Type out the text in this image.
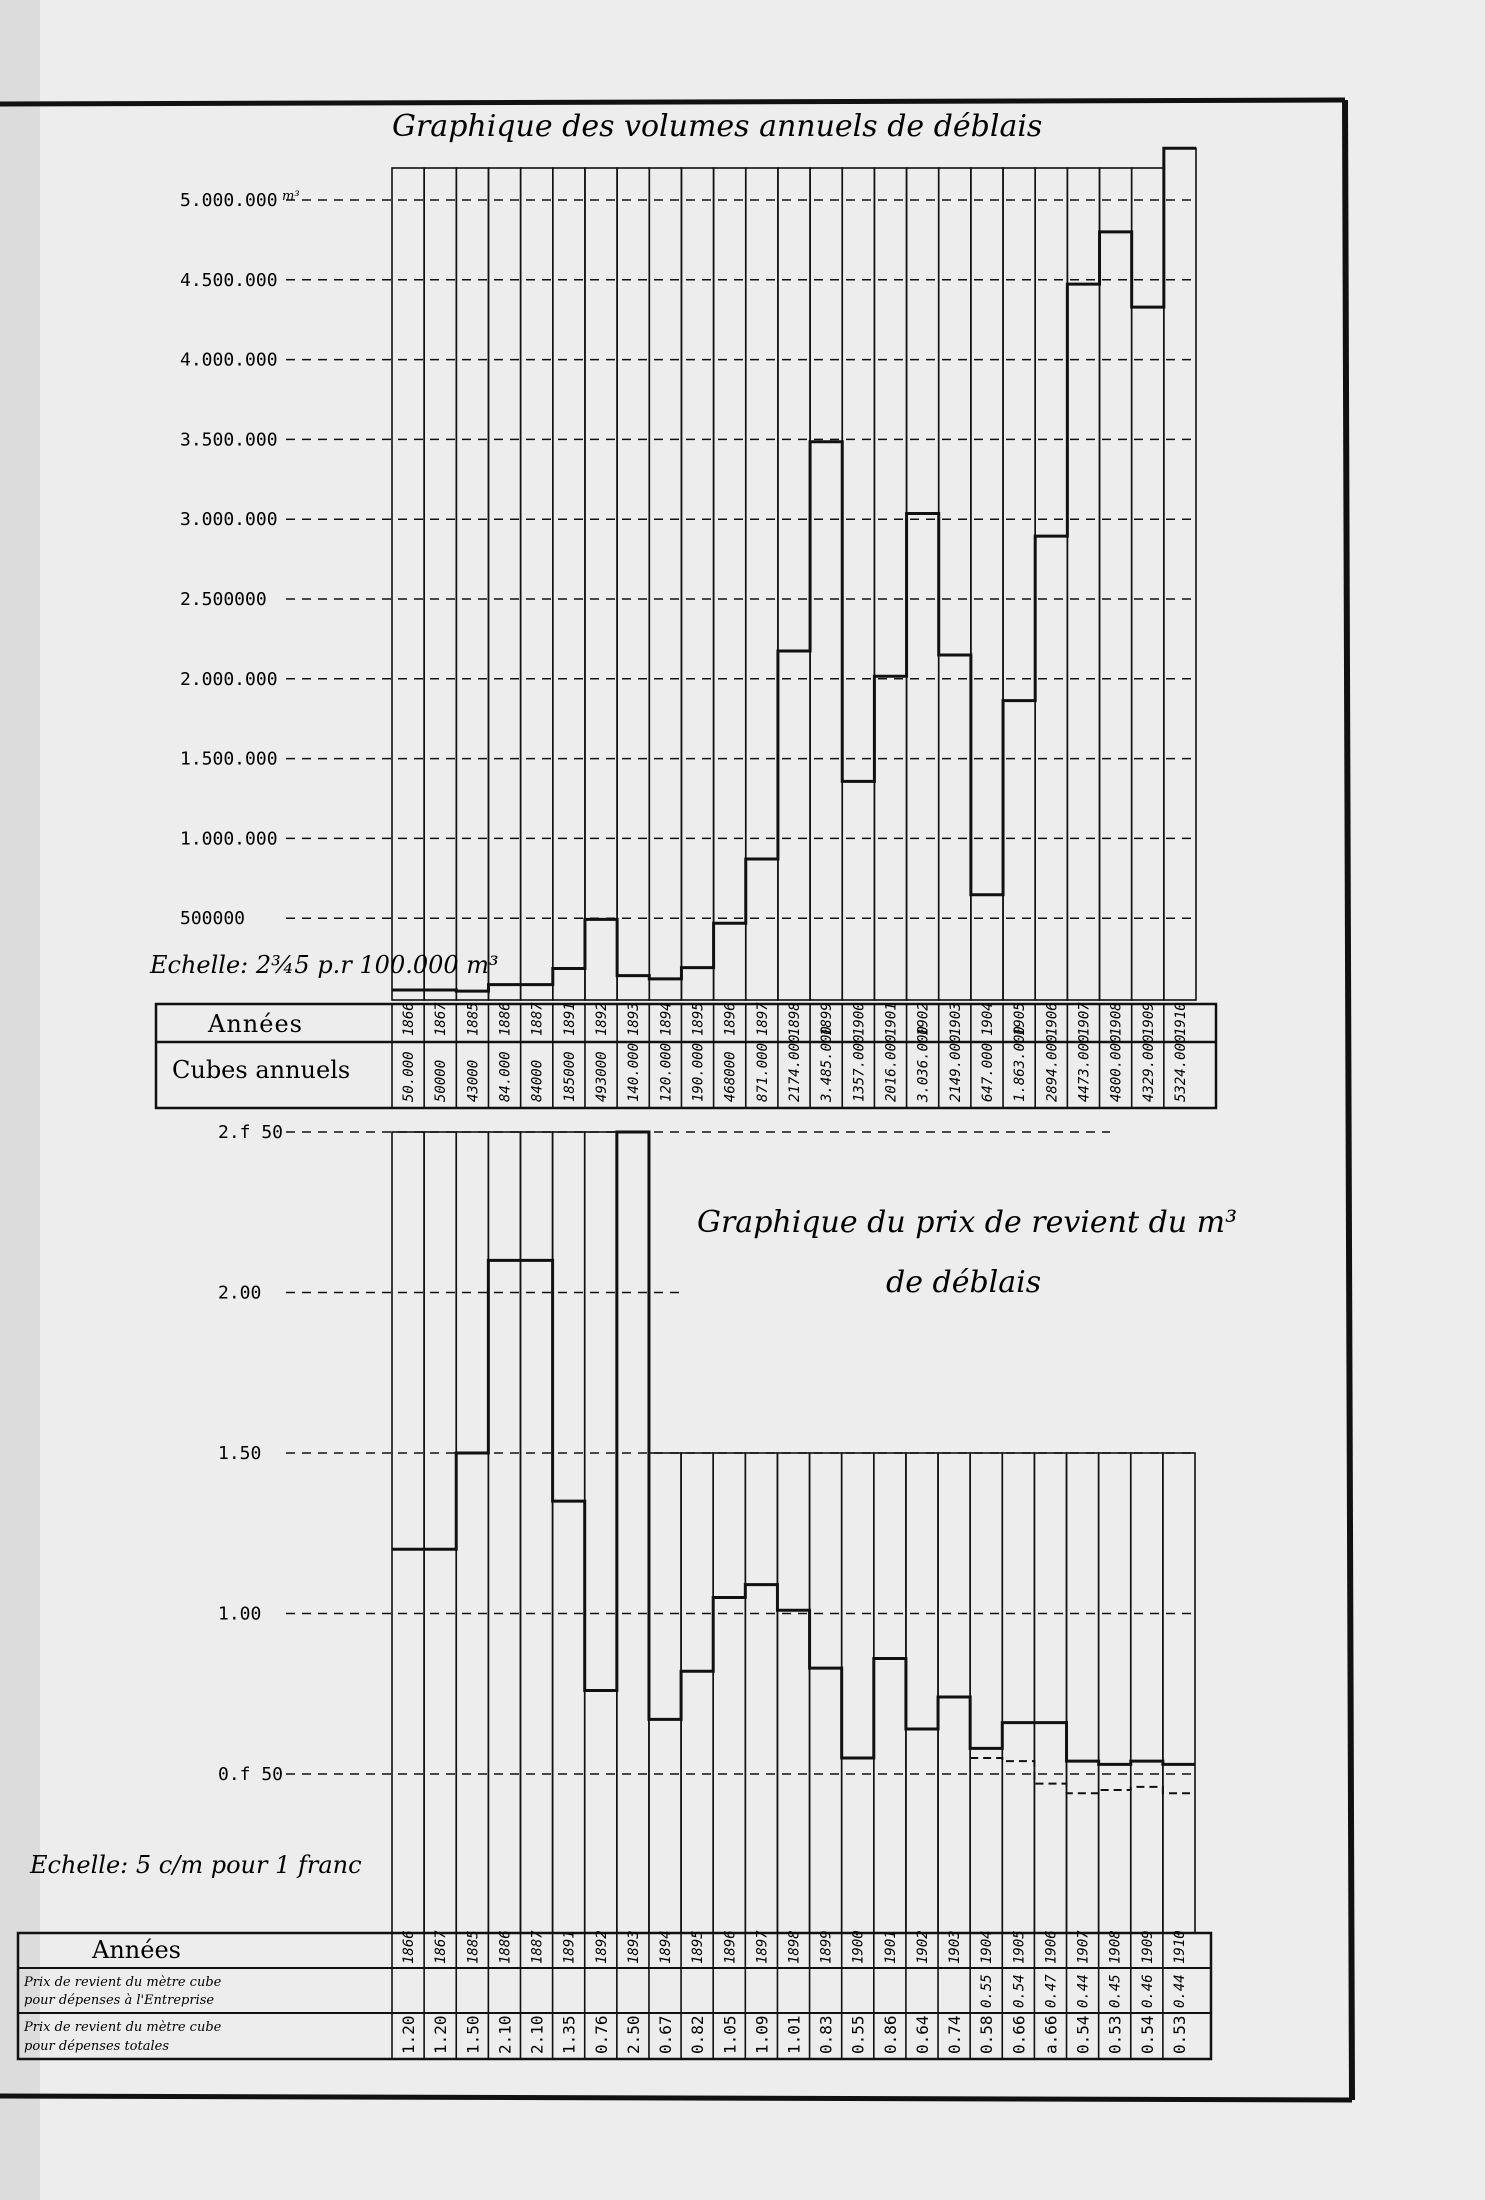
Graphique des volumes annuels de déblais
5.000.000
4.500.000
4.000.000
3.500.000
3.000.000
2.500000
2.000.000
1.500.000
1.000.000
500000
m³
Echelle: 2¾5 p.r 100.000 m³
Années
Cubes annuels
1866
50.000
1867
50000
1885
43000
1886
84.000
1887
84000
1891
185000
1892
493000
1893
140.000
1894
120.000
1895
190.000
1896
468000
1897
871.000
1898
2174.000
1899
3.485.000
1900
1357.000
1901
2016.000
1902
3.036.000
1903
2149.000
1904
647.000
1905
1.863.000
1906
2894.000
1907
4473.000
1908
4800.000
1909
4329.000
1910
5324.000
Graphique du prix de revient du m³
de déblais
2.f 50
2.00
1.50
1.00
0.f 50
Echelle: 5 c/m pour 1 franc
Années
Prix de revient du mètre cube
pour dépenses à l'Entreprise
Prix de revient du mètre cube
pour dépenses totales
1866
1.20
1867
1.20
1885
1.50
1886
2.10
1887
2.10
1891
1.35
1892
0.76
1893
2.50
1894
0.67
1895
0.82
1896
1.05
1897
1.09
1898
1.01
1899
0.83
1900
0.55
1901
0.86
1902
0.64
1903
0.74
1904
0.55
0.58
1905
0.54
0.66
1906
0.47
a.66
1907
0.44
0.54
1908
0.45
0.53
1909
0.46
0.54
1910
0.44
0.53
